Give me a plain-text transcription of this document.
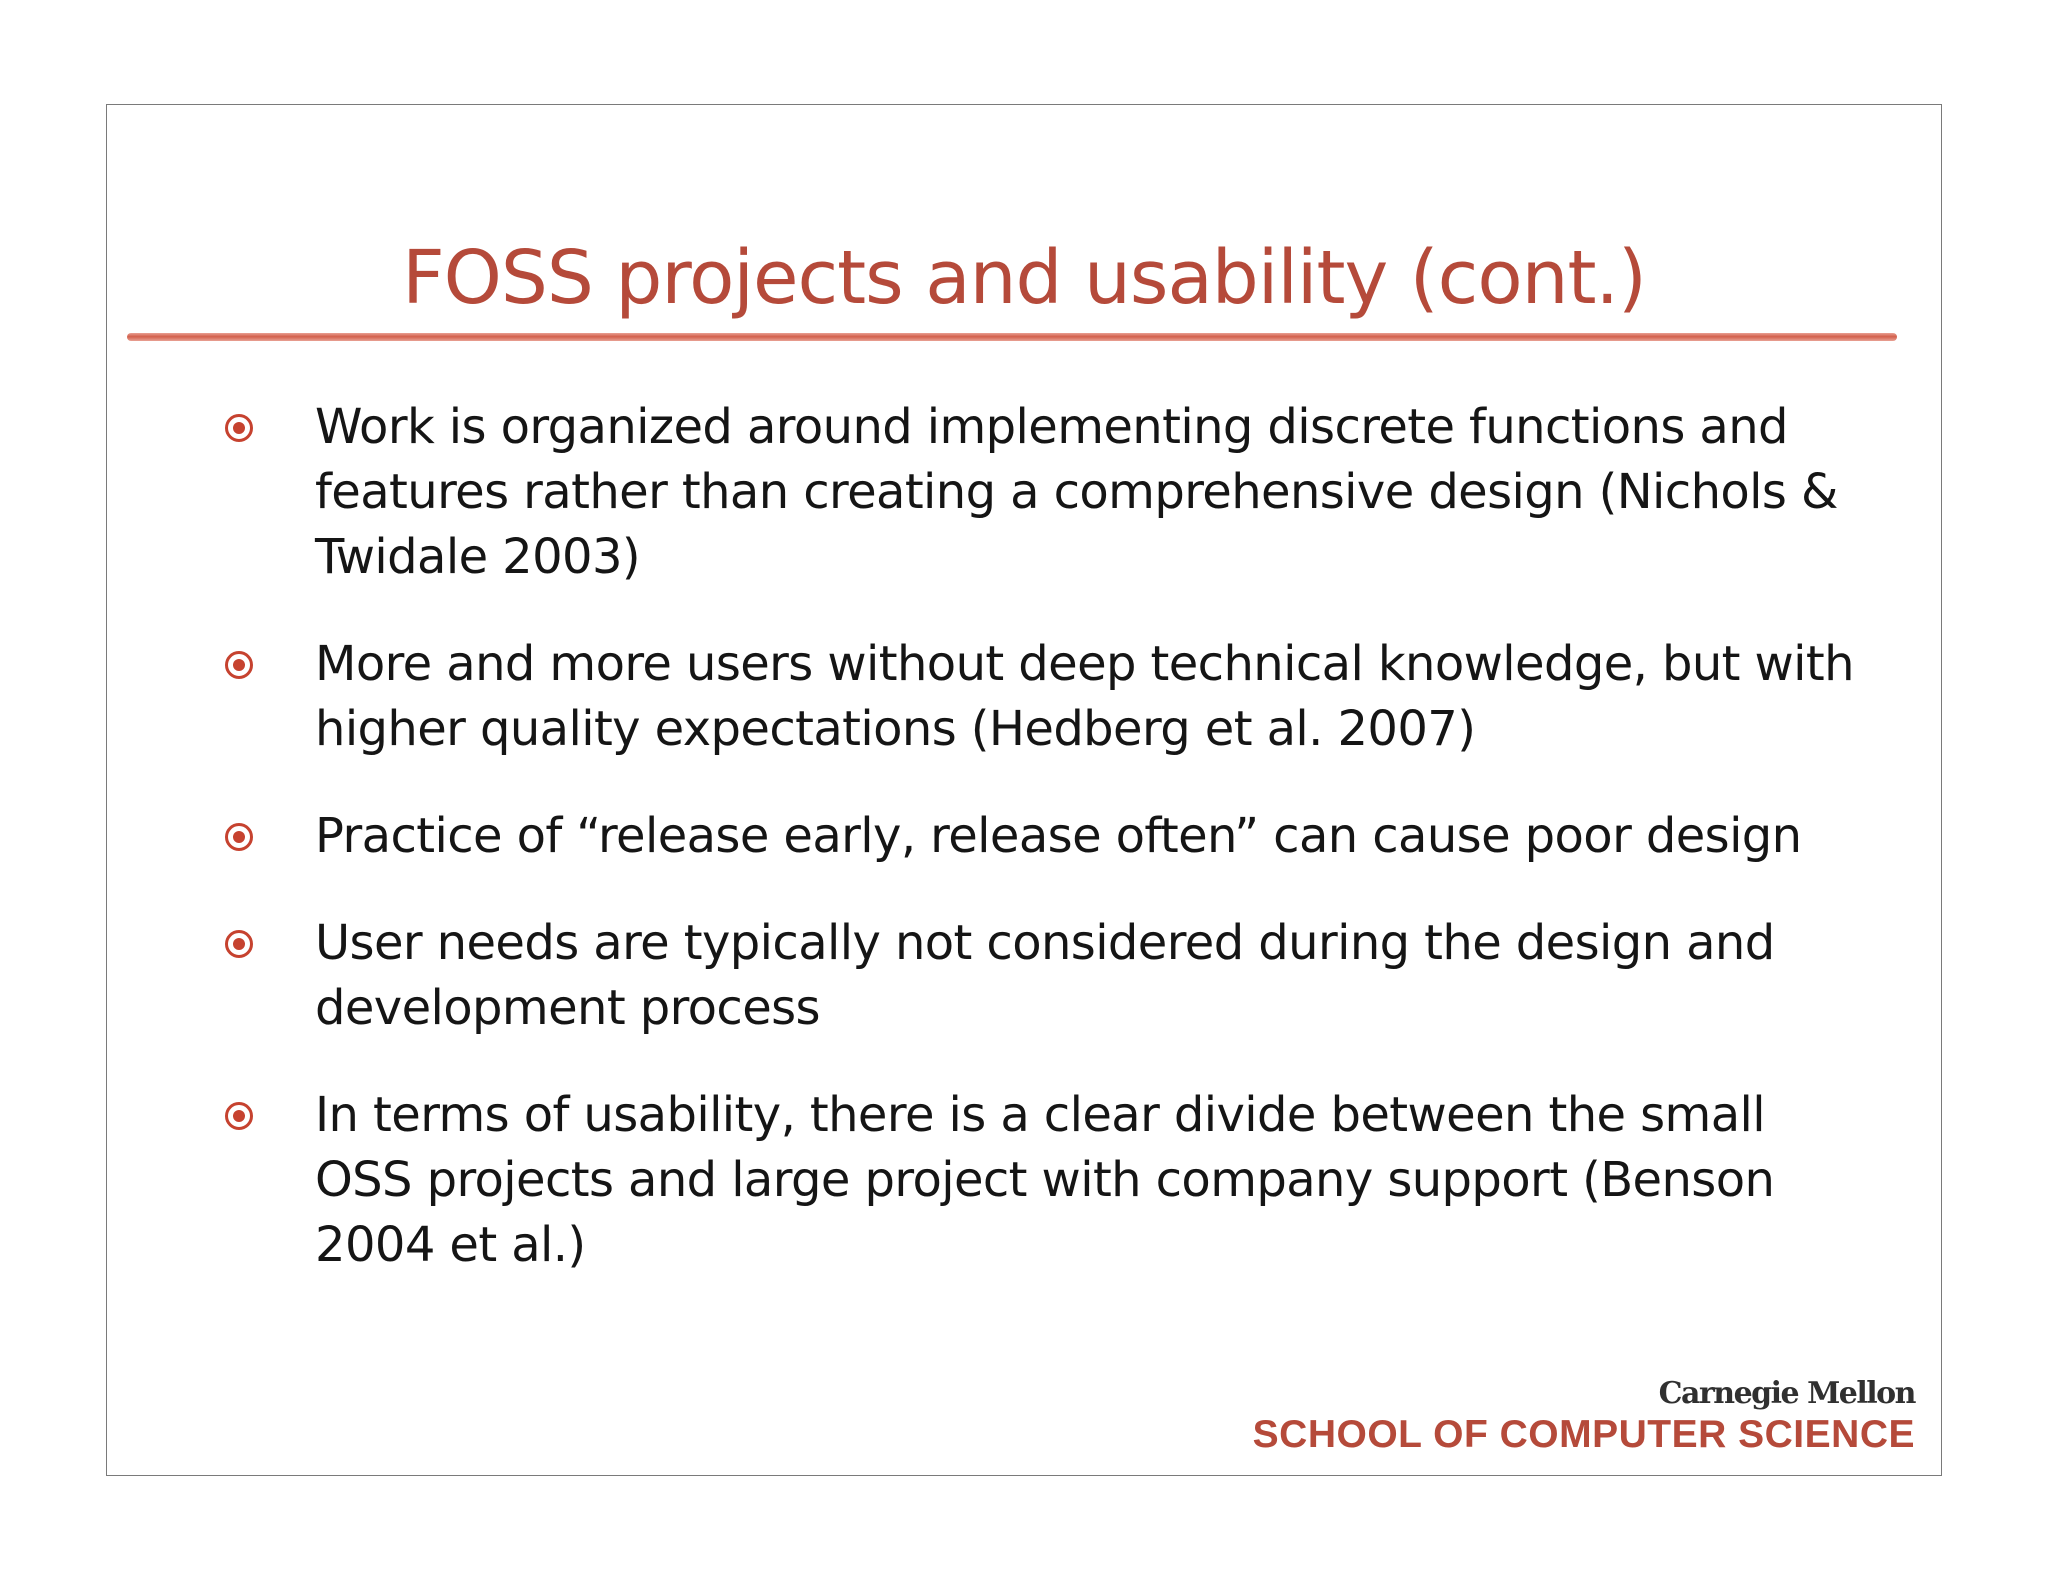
FOSS projects and usability (cont.)
Work is organized around implementing discrete functions and features rather than creating a comprehensive design (Nichols & Twidale 2003)
More and more users without deep technical knowledge, but with higher quality expectations (Hedberg et al. 2007)
Practice of “release early, release often” can cause poor design
User needs are typically not considered during the design and development process
In terms of usability, there is a clear divide between the small OSS projects and large project with company support (Benson 2004 et al.)
Carnegie Mellon
SCHOOL OF COMPUTER SCIENCE
